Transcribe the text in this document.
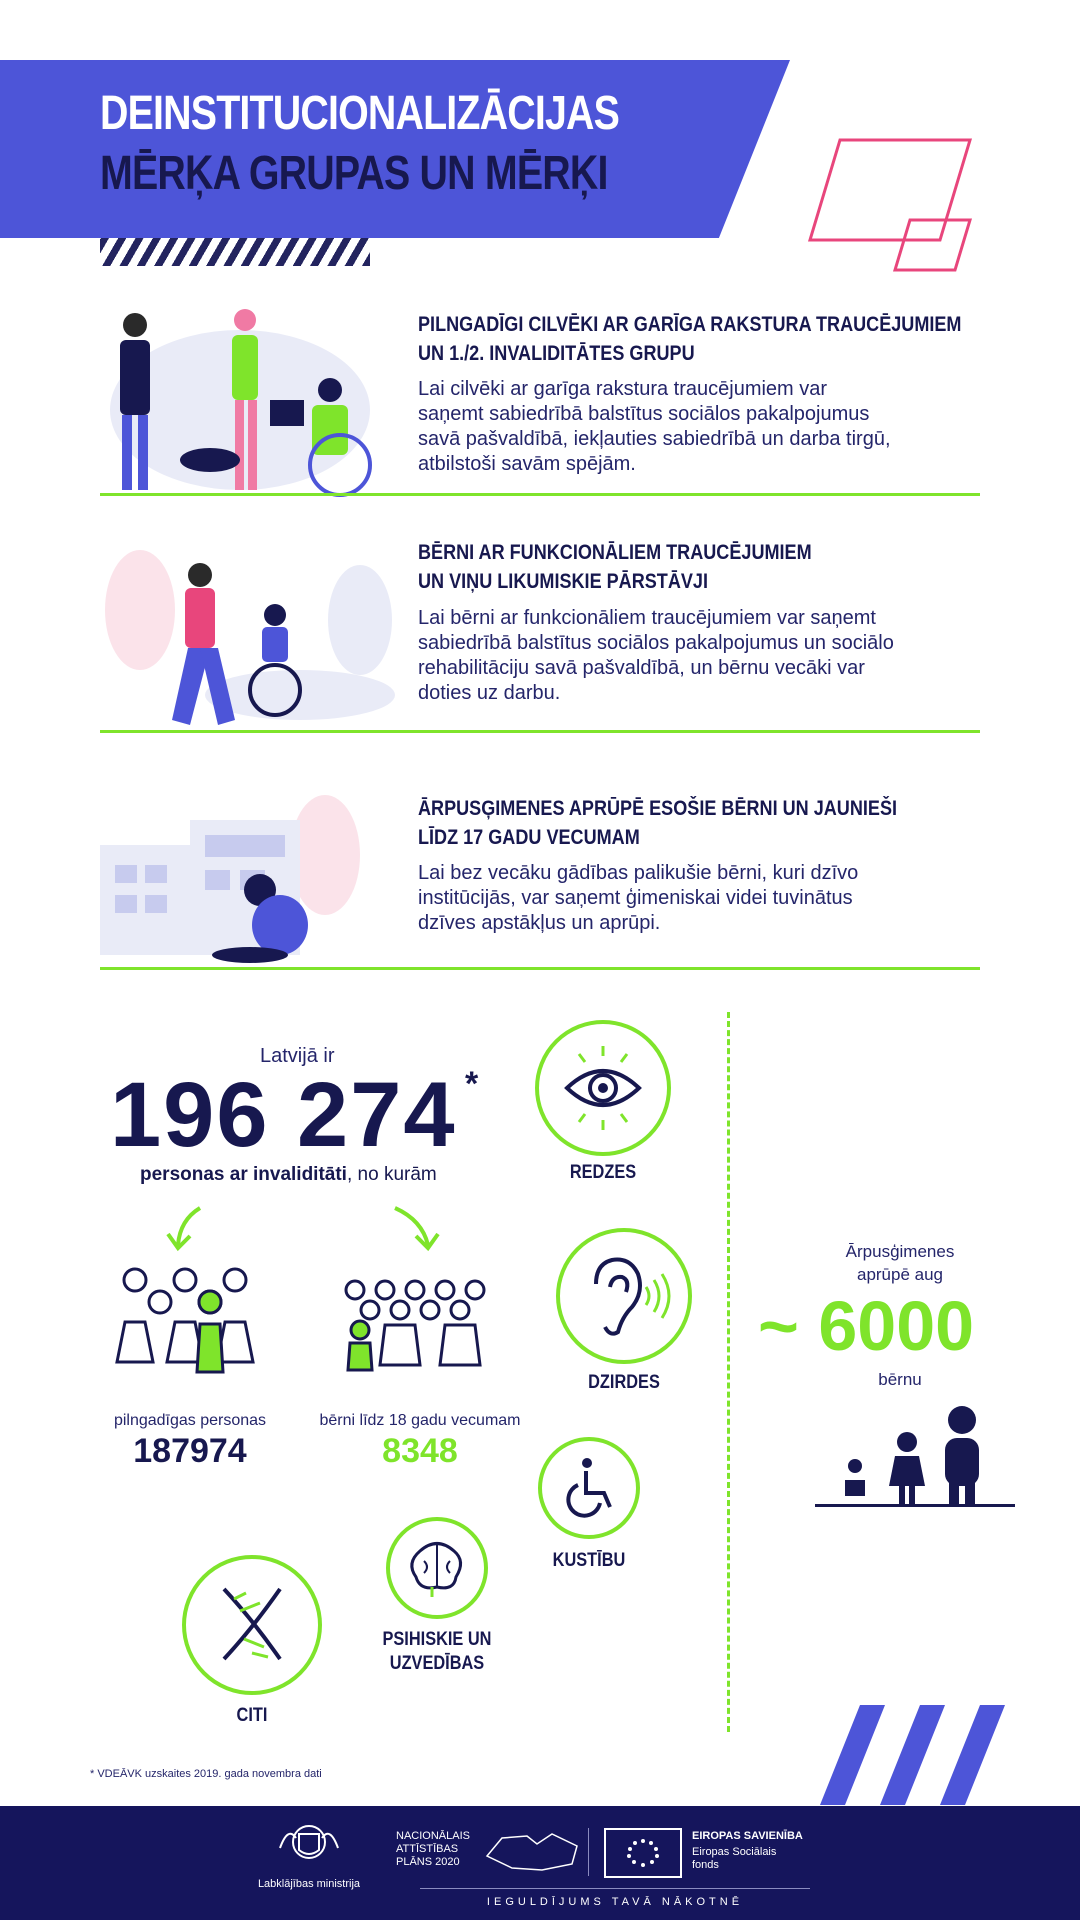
DEINSTITUCIONALIZĀCIJAS
MĒRĶA GRUPAS UN MĒRĶI
PILNGADĪGI CILVĒKI AR GARĪGA RAKSTURA TRAUCĒJUMIEM
UN 1./2. INVALIDITĀTES GRUPU
Lai cilvēki ar garīga rakstura traucējumiem var
saņemt sabiedrībā balstītus sociālos pakalpojumus
savā pašvaldībā, iekļauties sabiedrībā un darba tirgū,
atbilstoši savām spējām.
BĒRNI AR FUNKCIONĀLIEM TRAUCĒJUMIEM
UN VIŅU LIKUMISKIE PĀRSTĀVJI
Lai bērni ar funkcionāliem traucējumiem var saņemt
sabiedrībā balstītus sociālos pakalpojumus un sociālo
rehabilitāciju savā pašvaldībā, un bērnu vecāki var
doties uz darbu.
ĀRPUSĢIMENES APRŪPĒ ESOŠIE BĒRNI UN JAUNIEŠI
LĪDZ 17 GADU VECUMAM
Lai bez vecāku gādības palikušie bērni, kuri dzīvo
institūcijās, var saņemt ģimeniskai videi tuvinātus
dzīves apstākļus un aprūpi.
Latvijā ir
196 274 *
personas ar invaliditāti, no kurām
pilngadīgas personas
187974
bērni līdz 18 gadu vecumam
8348
REDZES
DZIRDES
KUSTĪBU
PSIHISKIE UN
UZVEDĪBAS
CITI
Ārpusģimenes
aprūpē aug
~ 6000
bērnu
* VDEĀVK uzskaites 2019. gada novembra dati
Labklājības ministrija
NACIONĀLAIS
ATTĪSTĪBAS
PLĀNS 2020
EIROPAS SAVIENĪBA
Eiropas Sociālais
fonds
IEGULDĪJUMS TAVĀ NĀKOTNĒ
